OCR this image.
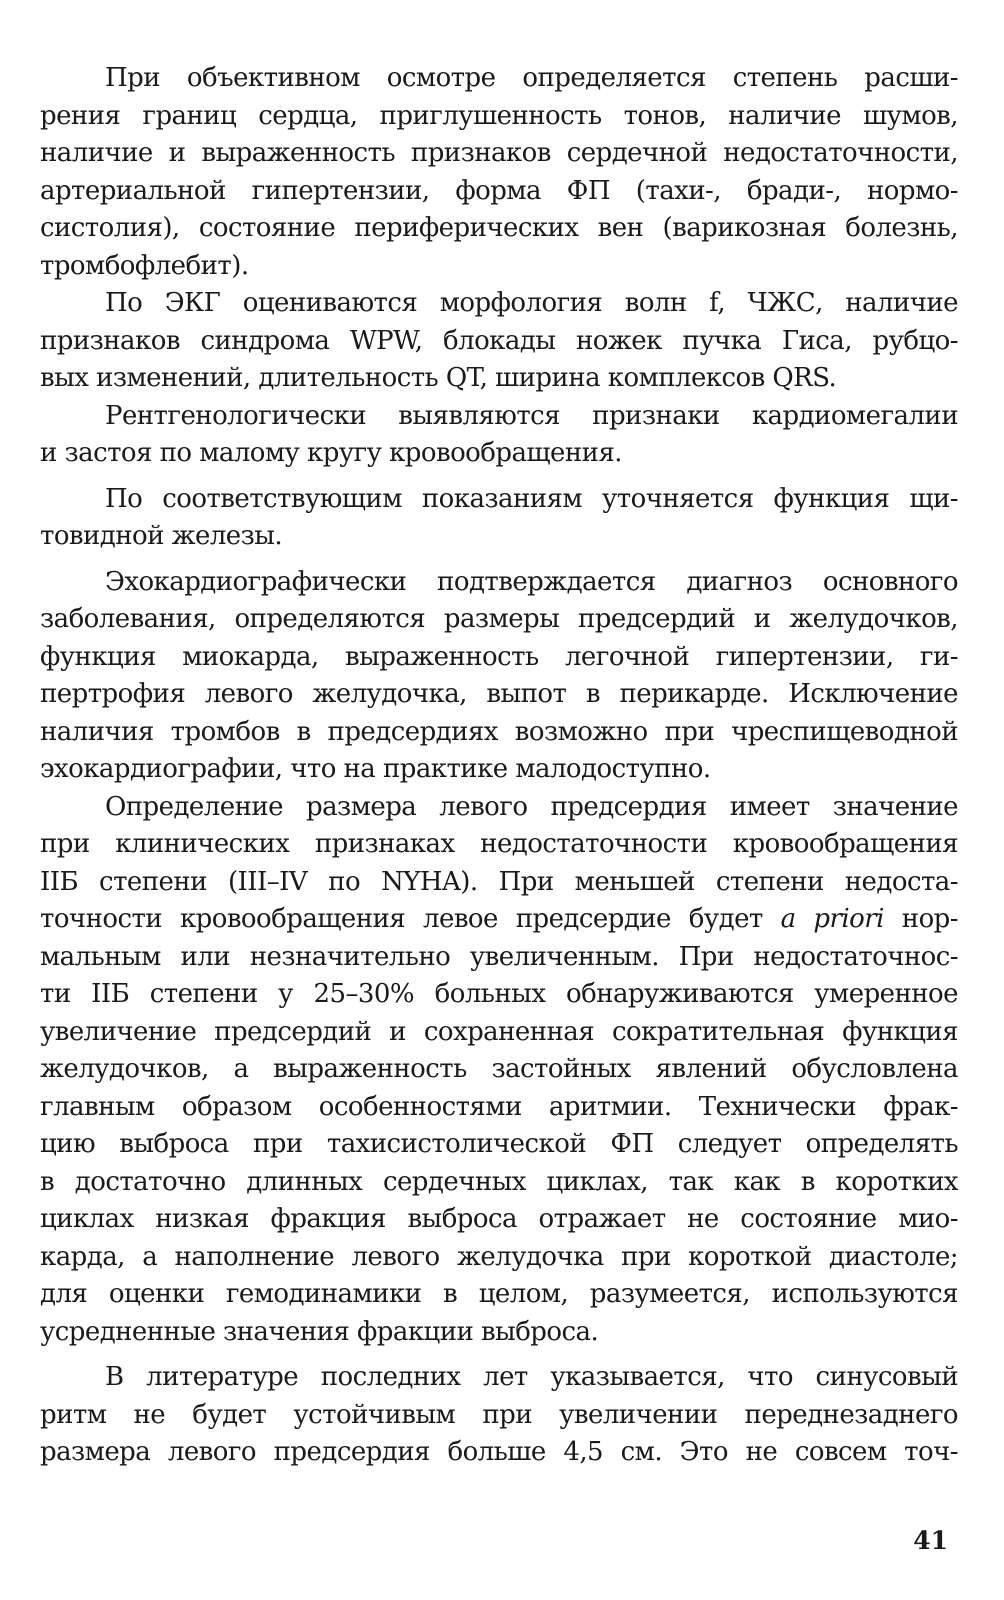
При объективном осмотре определяется степень расши-
рения границ сердца, приглушенность тонов, наличие шумов,
наличие и выраженность признаков сердечной недостаточности,
артериальной гипертензии, форма ФП (тахи-, бради-, нормо-
систолия), состояние периферических вен (варикозная болезнь,
тромбофлебит).

По ЭКГ оцениваются морфология волн f, ЧЖС, наличие
признаков синдрома WPW, блокады ножек пучка Гиса, рубцо-
вых изменений, длительность QT, ширина комплексов QRS.

Рентгенологически выявляются признаки кардиомегалии
и застоя по малому кругу кровообращения.

По соответствующим показаниям уточняется функция щи-
товидной железы.

Эхокардиографически подтверждается диагноз основного
заболевания, определяются размеры предсердий и желудочков,
функция миокарда, выраженность легочной гипертензии, ги-
пертрофия левого желудочка, выпот в перикарде. Исключение
наличия тромбов в предсердиях возможно при чреспищеводной
эхокардиографии, что на практике малодоступно.

Определение размера левого предсердия имеет значение
при клинических признаках недостаточности кровообращения
IIБ степени (III–IV по NYHA). При меньшей степени недоста-
точности кровообращения левое предсердие будет a priori нор-
мальным или незначительно увеличенным. При недостаточнос-
ти IIБ степени у 25–30% больных обнаруживаются умеренное
увеличение предсердий и сохраненная сократительная функция
желудочков, а выраженность застойных явлений обусловлена
главным образом особенностями аритмии. Технически фрак-
цию выброса при тахисистолической ФП следует определять
в достаточно длинных сердечных циклах, так как в коротких
циклах низкая фракция выброса отражает не состояние мио-
карда, а наполнение левого желудочка при короткой диастоле;
для оценки гемодинамики в целом, разумеется, используются
усредненные значения фракции выброса.

В литературе последних лет указывается, что синусовый
ритм не будет устойчивым при увеличении переднезаднего
размера левого предсердия больше 4,5 см. Это не совсем точ-

41
